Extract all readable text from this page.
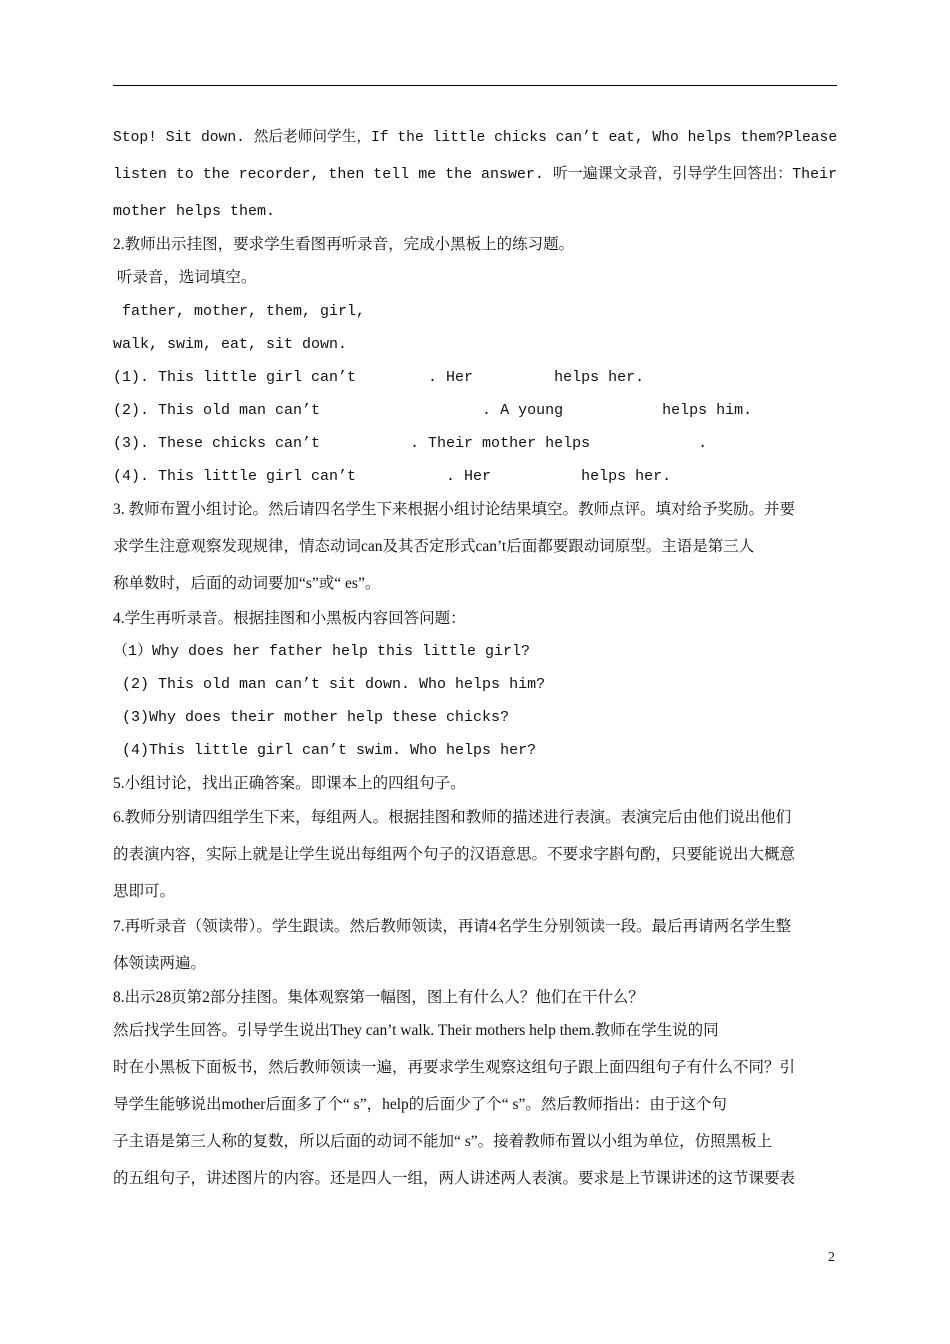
Stop! Sit down. 然后老师问学生，If the little chicks can’t eat, Who helps them?Please
listen to the recorder, then tell me the answer. 听一遍课文录音，引导学生回答出：Their
mother helps them.
2.教师出示挂图，要求学生看图再听录音，完成小黑板上的练习题。
听录音，选词填空。
father, mother, them, girl,
walk, swim, eat, sit down.
(1). This little girl can’t        . Her         helps her.
(2). This old man can’t                  . A young           helps him.
(3). These chicks can’t          . Their mother helps            .
(4). This little girl can’t          . Her          helps her.
3. 教师布置小组讨论。然后请四名学生下来根据小组讨论结果填空。教师点评。填对给予奖励。并要
求学生注意观察发现规律，情态动词can及其否定形式can’t后面都要跟动词原型。主语是第三人
称单数时，后面的动词要加“s”或“ es”。
4.学生再听录音。根据挂图和小黑板内容回答问题：
（1）Why does her father help this little girl?
(2) This old man can’t sit down. Who helps him?
(3)Why does their mother help these chicks?
(4)This little girl can’t swim. Who helps her?
5.小组讨论，找出正确答案。即课本上的四组句子。
6.教师分别请四组学生下来，每组两人。根据挂图和教师的描述进行表演。表演完后由他们说出他们
的表演内容，实际上就是让学生说出每组两个句子的汉语意思。不要求字斟句酌，只要能说出大概意
思即可。
7.再听录音（领读带）。学生跟读。然后教师领读，再请4名学生分别领读一段。最后再请两名学生整
体领读两遍。
8.出示28页第2部分挂图。集体观察第一幅图，图上有什么人？他们在干什么？
然后找学生回答。引导学生说出They can’t walk. Their mothers help them.教师在学生说的同
时在小黑板下面板书，然后教师领读一遍，再要求学生观察这组句子跟上面四组句子有什么不同？引
导学生能够说出mother后面多了个“ s”，help的后面少了个“ s”。然后教师指出：由于这个句
子主语是第三人称的复数，所以后面的动词不能加“ s”。接着教师布置以小组为单位，仿照黑板上
的五组句子，讲述图片的内容。还是四人一组，两人讲述两人表演。要求是上节课讲述的这节课要表
2
